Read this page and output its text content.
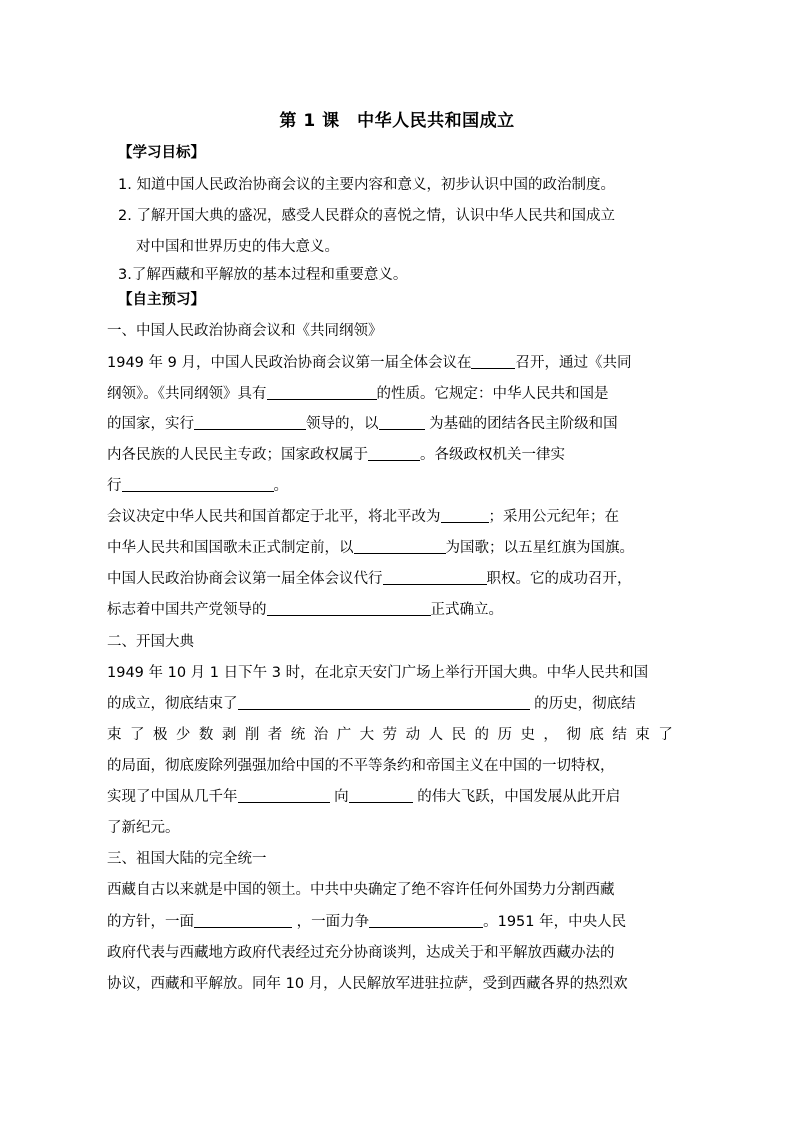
第 1 课　中华人民共和国成立
【学习目标】
1. 知道中国人民政治协商会议的主要内容和意义，初步认识中国的政治制度。
2. 了解开国大典的盛况，感受人民群众的喜悦之情，认识中华人民共和国成立
对中国和世界历史的伟大意义。
3.了解西藏和平解放的基本过程和重要意义。
【自主预习】
一、中国人民政治协商会议和《共同纲领》
1949 年 9 月，中国人民政治协商会议第一届全体会议在	召开，通过《共同
纲领》。《共同纲领》具有	的性质。它规定：中华人民共和国是
的国家，实行	领导的，以	为基础的团结各民主阶级和国
内各民族的人民民主专政；国家政权属于	。各级政权机关一律实
行	。
会议决定中华人民共和国首都定于北平，将北平改为	；采用公元纪年；在
中华人民共和国国歌未正式制定前，以	为国歌；以五星红旗为国旗。
中国人民政治协商会议第一届全体会议代行	职权。它的成功召开，
标志着中国共产党领导的	正式确立。
二、开国大典
1949 年 10 月 1 日下午 3 时，在北京天安门广场上举行开国大典。中华人民共和国
的成立，彻底结束了	的历史，彻底结
束 了 极 少 数 剥 削 者 统 治 广 大 劳 动 人 民 的 历 史 ， 彻 底 结 束 了
的局面，彻底废除列强强加给中国的不平等条约和帝国主义在中国的一切特权，
实现了中国从几千年	向	的伟大飞跃，中国发展从此开启
了新纪元。
三、祖国大陆的完全统一
西藏自古以来就是中国的领土。中共中央确定了绝不容许任何外国势力分割西藏
的方针，一面	，一面力争	。1951 年，中央人民
政府代表与西藏地方政府代表经过充分协商谈判，达成关于和平解放西藏办法的
协议，西藏和平解放。同年 10 月，人民解放军进驻拉萨，受到西藏各界的热烈欢
